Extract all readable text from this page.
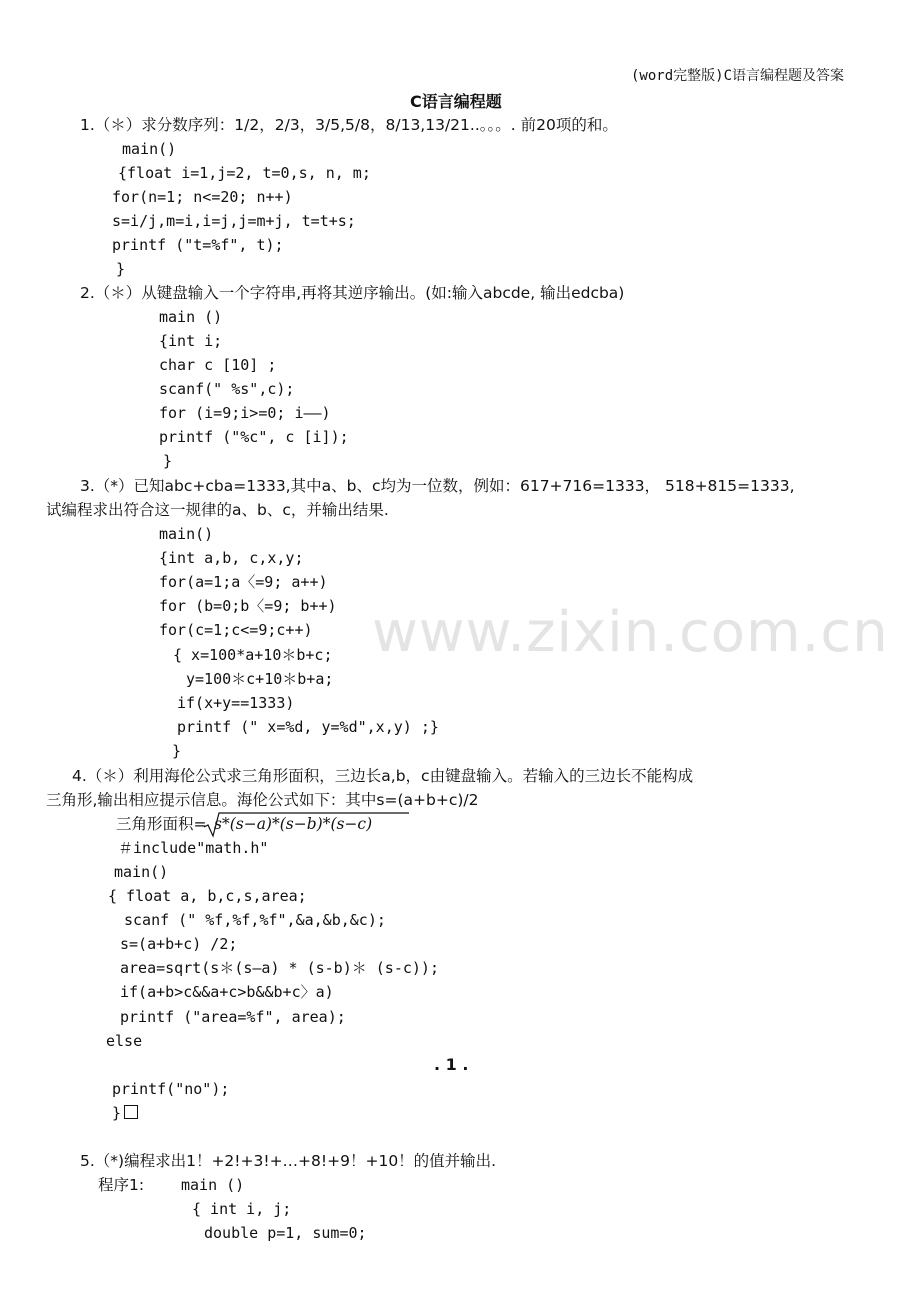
(word完整版)C语言编程题及答案
C语言编程题
www.zixin.com.cn
1.（＊）求分数序列：1/2，2/3，3/5,5/8，8/13,13/21..。。。. 前20项的和。
main()
{float i=1,j=2, t=0,s, n, m;
for(n=1; n<=20; n++)
s=i/j,m=i,i=j,j=m+j, t=t+s;
printf ("t=%f", t);
}
2.（＊）从键盘输入一个字符串,再将其逆序输出。(如:输入abcde, 输出edcba)
main ()
{int i;
char c [10] ;
scanf(" %s",c);
for (i=9;i>=0; i——)
printf ("%c", c [i]);
}
3.（*）已知abc+cba=1333,其中a、b、c均为一位数，例如：617+716=1333， 518+815=1333,
试编程求出符合这一规律的a、b、c，并输出结果.
main()
{int a,b, c,x,y;
for(a=1;a〈=9; a++)
for (b=0;b〈=9; b++)
for(c=1;c<=9;c++)
{ x=100*a+10＊b+c;
y=100＊c+10＊b+a;
if(x+y==1333)
printf (" x=%d, y=%d",x,y) ;}
}
4.（＊）利用海伦公式求三角形面积，三边长a,b，c由键盘输入。若输入的三边长不能构成
三角形,输出相应提示信息。海伦公式如下：其中s=(a+b+c)/2
三角形面积= s*(s−a)*(s−b)*(s−c)
＃include"math.h"
main()
{ float a, b,c,s,area;
scanf (" %f,%f,%f",&a,&b,&c);
s=(a+b+c) /2;
area=sqrt(s＊(s—a) * (s-b)＊ (s-c));
if(a+b>c&&a+c>b&&b+c〉a)
printf ("area=%f", area);
else
. 1 .
printf("no");
}
5.（*)编程求出1！+2!+3!+…+8!+9！+10！的值并输出.
程序1: main ()
{ int i, j;
double p=1, sum=0;
